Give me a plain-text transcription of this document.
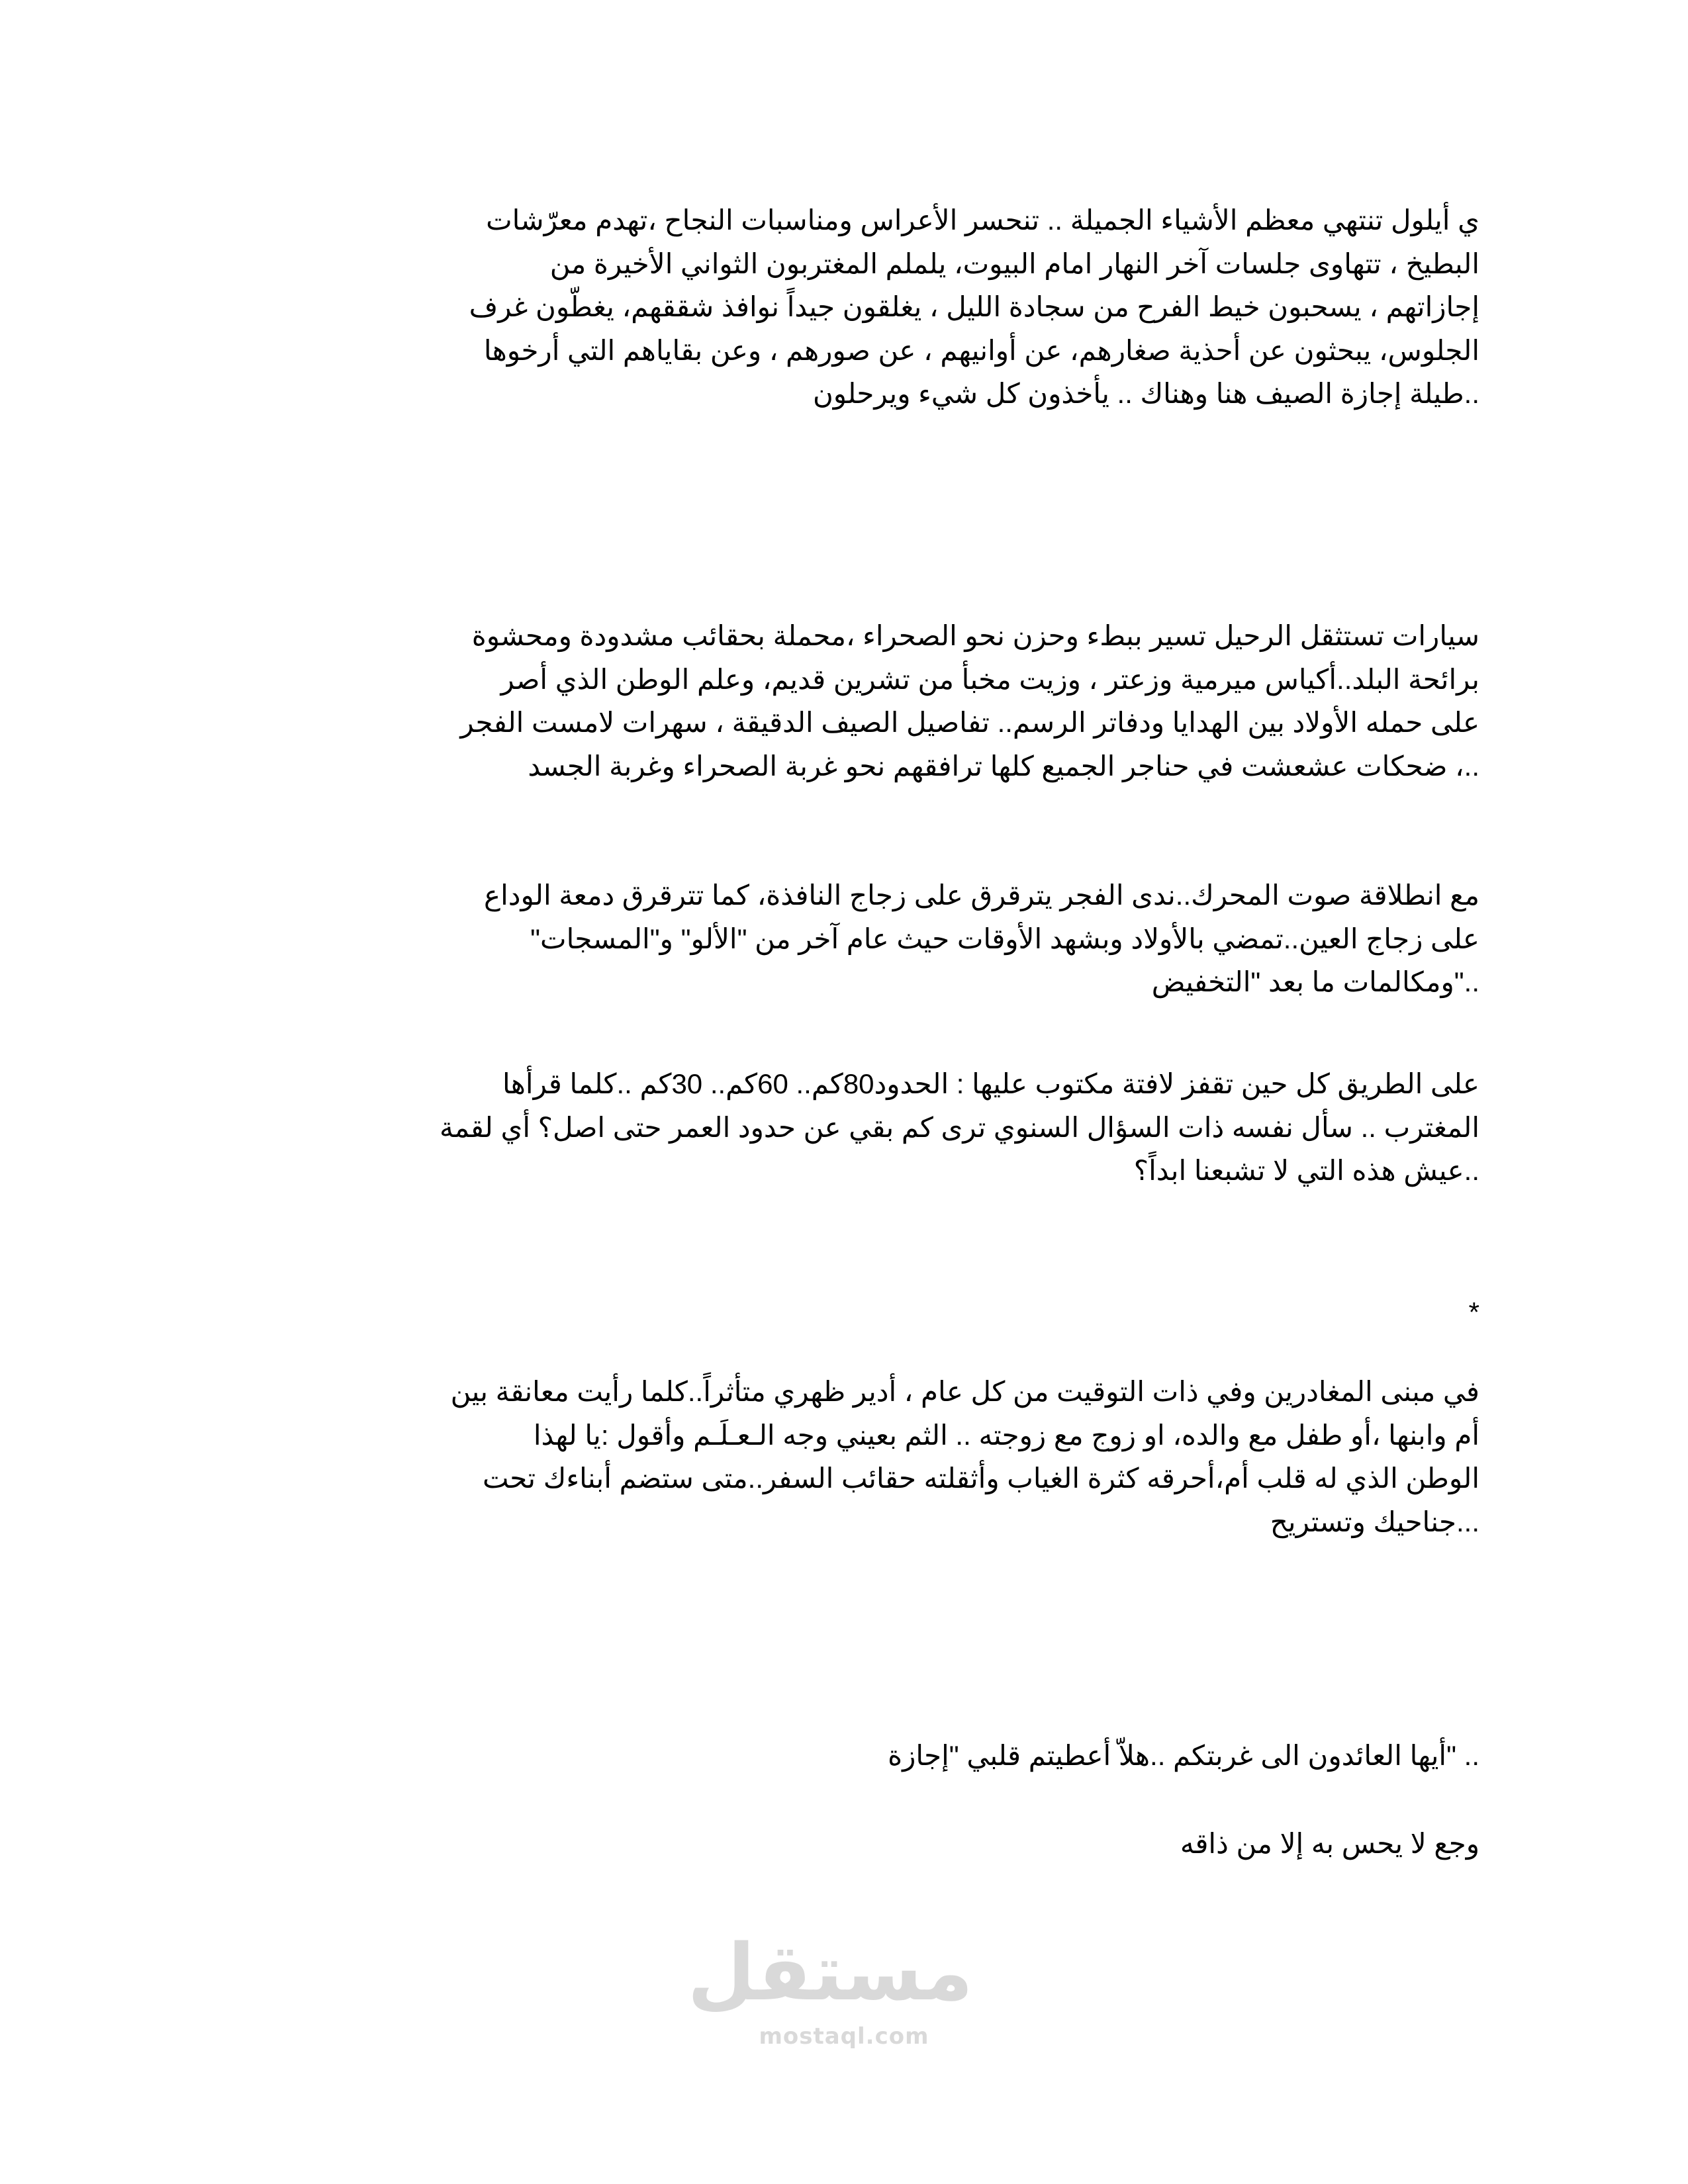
ي أيلول تنتهي معظم الأشياء الجميلة .. تنحسر الأعراس ومناسبات النجاح ،تهدم معرّشات
البطيخ ، تتهاوى جلسات آخر النهار امام البيوت، يلملم المغتربون الثواني الأخيرة من
إجازاتهم ، يسحبون خيط الفرح من سجادة الليل ، يغلقون جيداً نوافذ شققهم، يغطّون غرف
الجلوس، يبحثون عن أحذية صغارهم، عن أوانيهم ، عن صورهم ، وعن بقاياهم التي أرخوها
..طيلة إجازة الصيف هنا وهناك .. يأخذون كل شيء ويرحلون
سيارات تستثقل الرحيل تسير ببطء وحزن نحو الصحراء ،محملة بحقائب مشدودة ومحشوة
برائحة البلد..أكياس ميرمية وزعتر ، وزيت مخبأ من تشرين قديم، وعلم الوطن الذي أصر
على حمله الأولاد بين الهدايا ودفاتر الرسم.. تفاصيل الصيف الدقيقة ، سهرات لامست الفجر
..، ضحكات عشعشت في حناجر الجميع كلها ترافقهم نحو غربة الصحراء وغربة الجسد
مع انطلاقة صوت المحرك..ندى الفجر يترقرق على زجاج النافذة، كما تترقرق دمعة الوداع
على زجاج العين..تمضي بالأولاد وبشهد الأوقات حيث عام آخر من "الألو" و"المسجات"
.."ومكالمات ما بعد "التخفيض
على الطريق كل حين تقفز لافتة مكتوب عليها : الحدود80كم.. 60كم.. 30كم ..كلما قرأها
المغترب .. سأل نفسه ذات السؤال السنوي ترى كم بقي عن حدود العمر حتى اصل؟ أي لقمة
..عيش هذه التي لا تشبعنا ابداً؟
*
في مبنى المغادرين وفي ذات التوقيت من كل عام ، أدير ظهري متأثراً..كلما رأيت معانقة بين
أم وابنها ،أو طفل مع والده، او زوج مع زوجته .. الثم بعيني وجه الـعـلَـم وأقول :يا لهذا
الوطن الذي له قلب أم،أحرقه كثرة الغياب وأثقلته حقائب السفر..متى ستضم أبناءك تحت
...جناحيك وتستريح
.. "أيها العائدون الى غربتكم ..هلاّ أعطيتم قلبي "إجازة
وجع لا يحس به إلا من ذاقه
مستقل
mostaql.com
